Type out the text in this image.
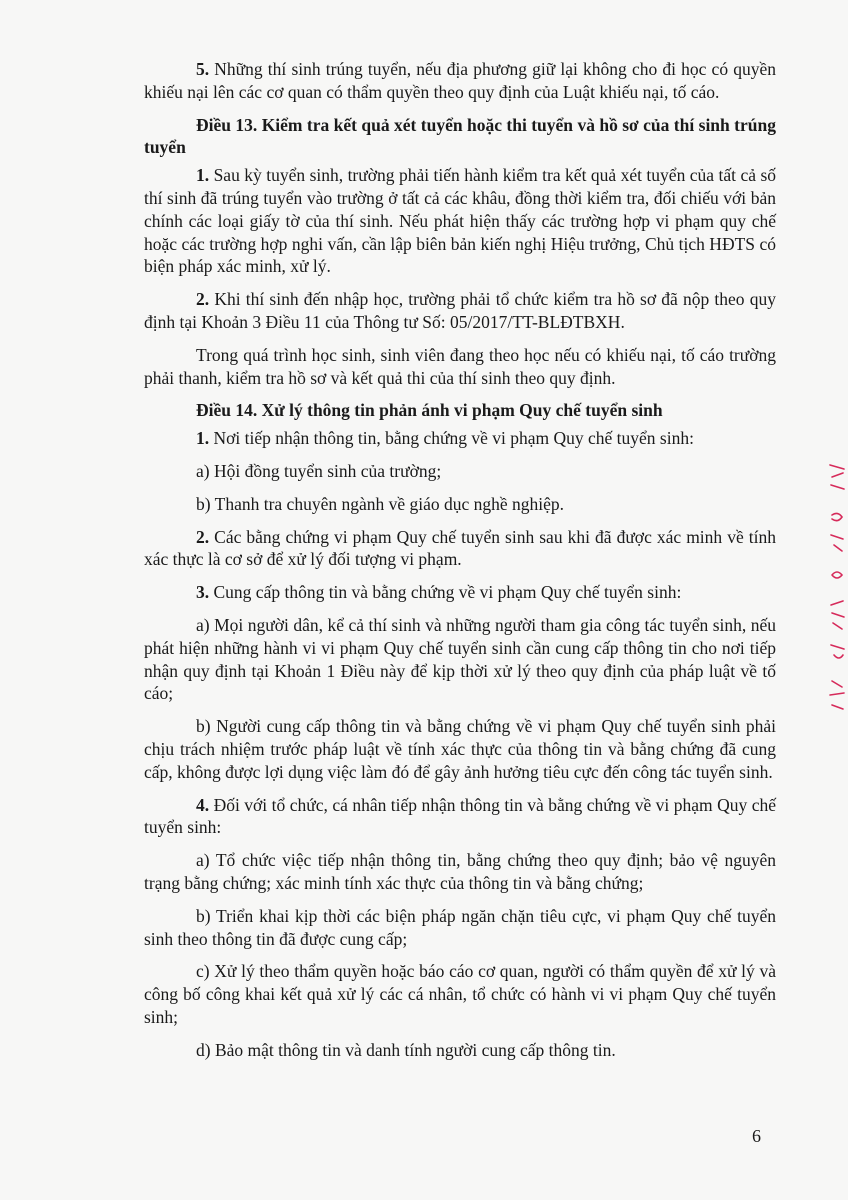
5. Những thí sinh trúng tuyển, nếu địa phương giữ lại không cho đi học có quyền khiếu nại lên các cơ quan có thẩm quyền theo quy định của Luật khiếu nại, tố cáo.

Điều 13. Kiểm tra kết quả xét tuyển hoặc thi tuyển và hồ sơ của thí sinh trúng tuyển

1. Sau kỳ tuyển sinh, trường phải tiến hành kiểm tra kết quả xét tuyển của tất cả số thí sinh đã trúng tuyển vào trường ở tất cả các khâu, đồng thời kiểm tra, đối chiếu với bản chính các loại giấy tờ của thí sinh. Nếu phát hiện thấy các trường hợp vi phạm quy chế hoặc các trường hợp nghi vấn, cần lập biên bản kiến nghị Hiệu trưởng, Chủ tịch HĐTS có biện pháp xác minh, xử lý.

2. Khi thí sinh đến nhập học, trường phải tổ chức kiểm tra hồ sơ đã nộp theo quy định tại Khoản 3 Điều 11 của Thông tư Số: 05/2017/TT-BLĐTBXH.

Trong quá trình học sinh, sinh viên đang theo học nếu có khiếu nại, tố cáo trường phải thanh, kiểm tra hồ sơ và kết quả thi của thí sinh theo quy định.

Điều 14. Xử lý thông tin phản ánh vi phạm Quy chế tuyển sinh

1. Nơi tiếp nhận thông tin, bằng chứng về vi phạm Quy chế tuyển sinh:

a) Hội đồng tuyển sinh của trường;

b) Thanh tra chuyên ngành về giáo dục nghề nghiệp.

2. Các bằng chứng vi phạm Quy chế tuyển sinh sau khi đã được xác minh về tính xác thực là cơ sở để xử lý đối tượng vi phạm.

3. Cung cấp thông tin và bằng chứng về vi phạm Quy chế tuyển sinh:

a) Mọi người dân, kể cả thí sinh và những người tham gia công tác tuyển sinh, nếu phát hiện những hành vi vi phạm Quy chế tuyển sinh cần cung cấp thông tin cho nơi tiếp nhận quy định tại Khoản 1 Điều này để kịp thời xử lý theo quy định của pháp luật về tố cáo;

b) Người cung cấp thông tin và bằng chứng về vi phạm Quy chế tuyển sinh phải chịu trách nhiệm trước pháp luật về tính xác thực của thông tin và bằng chứng đã cung cấp, không được lợi dụng việc làm đó để gây ảnh hưởng tiêu cực đến công tác tuyển sinh.

4. Đối với tổ chức, cá nhân tiếp nhận thông tin và bằng chứng về vi phạm Quy chế tuyển sinh:

a) Tổ chức việc tiếp nhận thông tin, bằng chứng theo quy định; bảo vệ nguyên trạng bằng chứng; xác minh tính xác thực của thông tin và bằng chứng;

b) Triển khai kịp thời các biện pháp ngăn chặn tiêu cực, vi phạm Quy chế tuyển sinh theo thông tin đã được cung cấp;

c) Xử lý theo thẩm quyền hoặc báo cáo cơ quan, người có thẩm quyền để xử lý và công bố công khai kết quả xử lý các cá nhân, tổ chức có hành vi vi phạm Quy chế tuyển sinh;

d) Bảo mật thông tin và danh tính người cung cấp thông tin.

6
